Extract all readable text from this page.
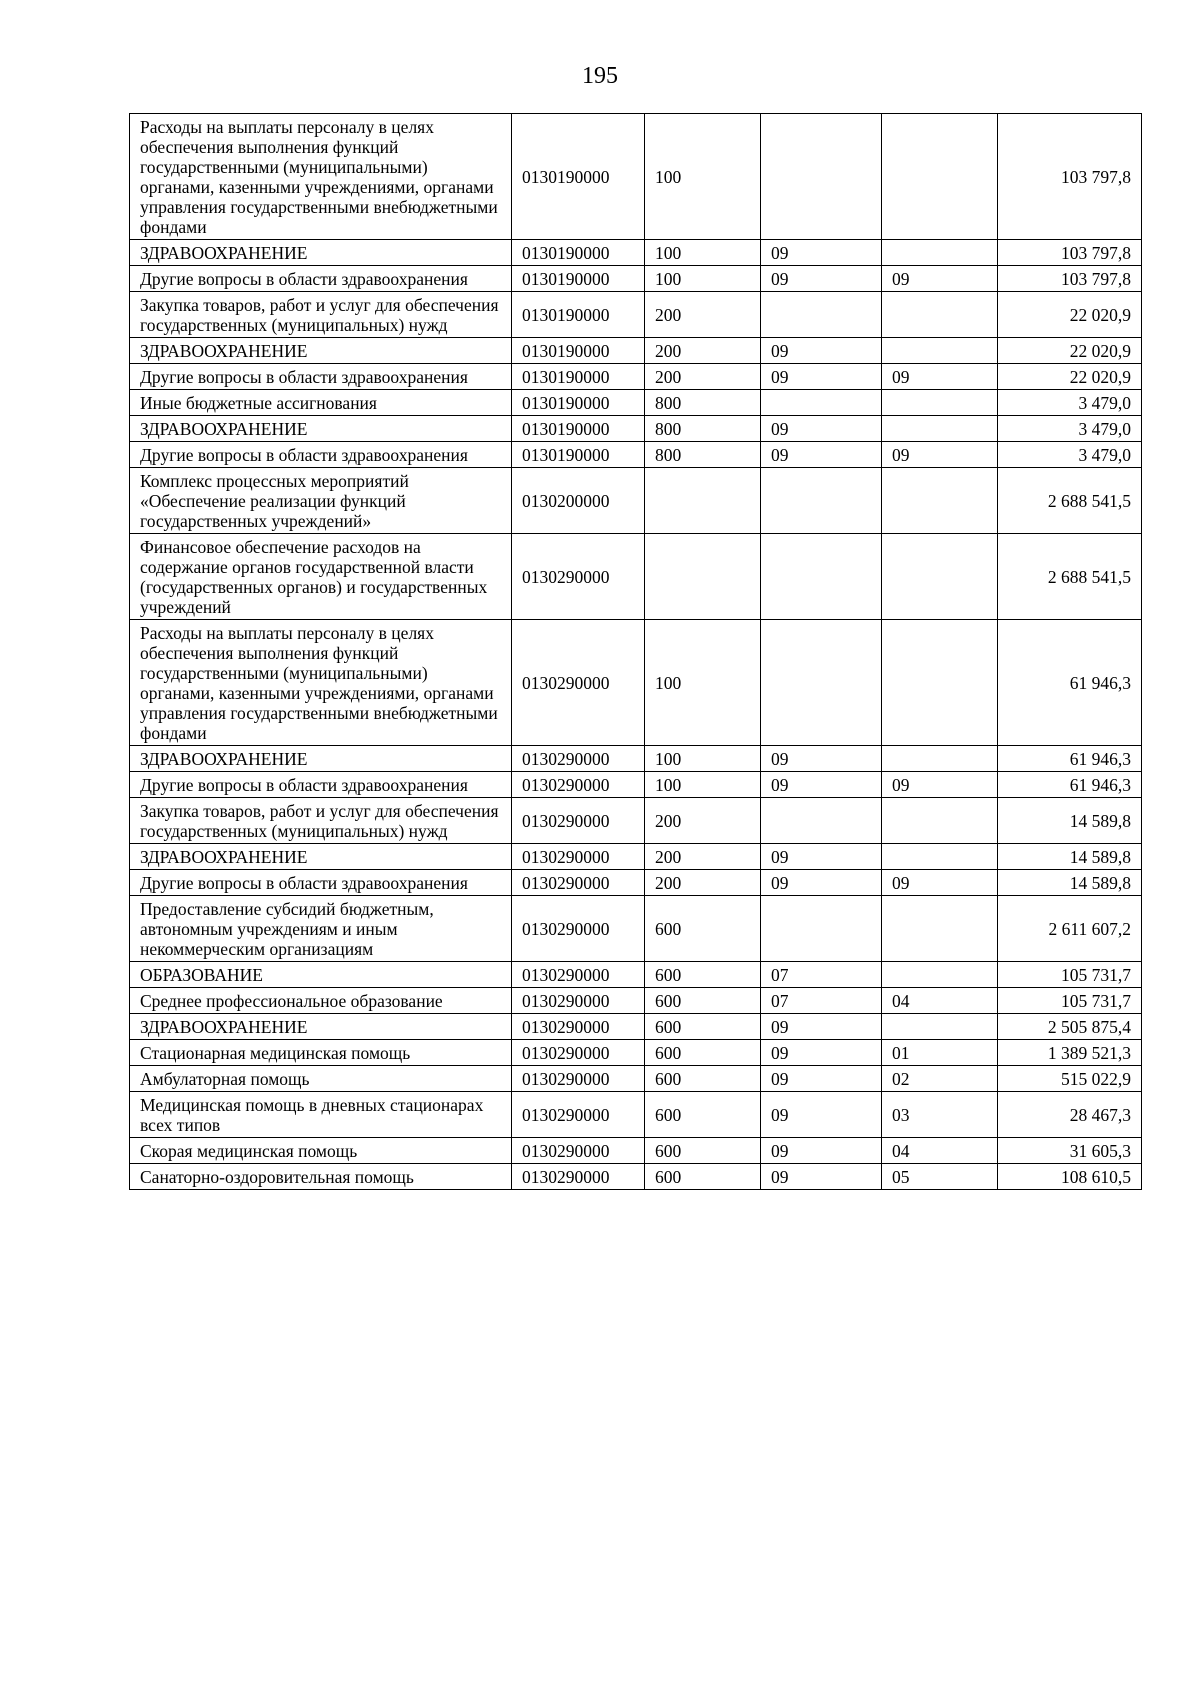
195
Расходы на выплаты персоналу в целях обеспечения выполнения функций государственными (муниципальными) органами, казенными учреждениями, органами управления государственными внебюджетными фондами	0130190000	100			103 797,8
ЗДРАВООХРАНЕНИЕ	0130190000	100	09		103 797,8
Другие вопросы в области здравоохранения	0130190000	100	09	09	103 797,8
Закупка товаров, работ и услуг для обеспечения государственных (муниципальных) нужд	0130190000	200			22 020,9
ЗДРАВООХРАНЕНИЕ	0130190000	200	09		22 020,9
Другие вопросы в области здравоохранения	0130190000	200	09	09	22 020,9
Иные бюджетные ассигнования	0130190000	800			3 479,0
ЗДРАВООХРАНЕНИЕ	0130190000	800	09		3 479,0
Другие вопросы в области здравоохранения	0130190000	800	09	09	3 479,0
Комплекс процессных мероприятий «Обеспечение реализации функций государственных учреждений»	0130200000				2 688 541,5
Финансовое обеспечение расходов на содержание органов государственной власти (государственных органов) и государственных учреждений	0130290000				2 688 541,5
Расходы на выплаты персоналу в целях обеспечения выполнения функций государственными (муниципальными) органами, казенными учреждениями, органами управления государственными внебюджетными фондами	0130290000	100			61 946,3
ЗДРАВООХРАНЕНИЕ	0130290000	100	09		61 946,3
Другие вопросы в области здравоохранения	0130290000	100	09	09	61 946,3
Закупка товаров, работ и услуг для обеспечения государственных (муниципальных) нужд	0130290000	200			14 589,8
ЗДРАВООХРАНЕНИЕ	0130290000	200	09		14 589,8
Другие вопросы в области здравоохранения	0130290000	200	09	09	14 589,8
Предоставление субсидий бюджетным, автономным учреждениям и иным некоммерческим организациям	0130290000	600			2 611 607,2
ОБРАЗОВАНИЕ	0130290000	600	07		105 731,7
Среднее профессиональное образование	0130290000	600	07	04	105 731,7
ЗДРАВООХРАНЕНИЕ	0130290000	600	09		2 505 875,4
Стационарная медицинская помощь	0130290000	600	09	01	1 389 521,3
Амбулаторная помощь	0130290000	600	09	02	515 022,9
Медицинская помощь в дневных стационарах всех типов	0130290000	600	09	03	28 467,3
Скорая медицинская помощь	0130290000	600	09	04	31 605,3
Санаторно-оздоровительная помощь	0130290000	600	09	05	108 610,5
